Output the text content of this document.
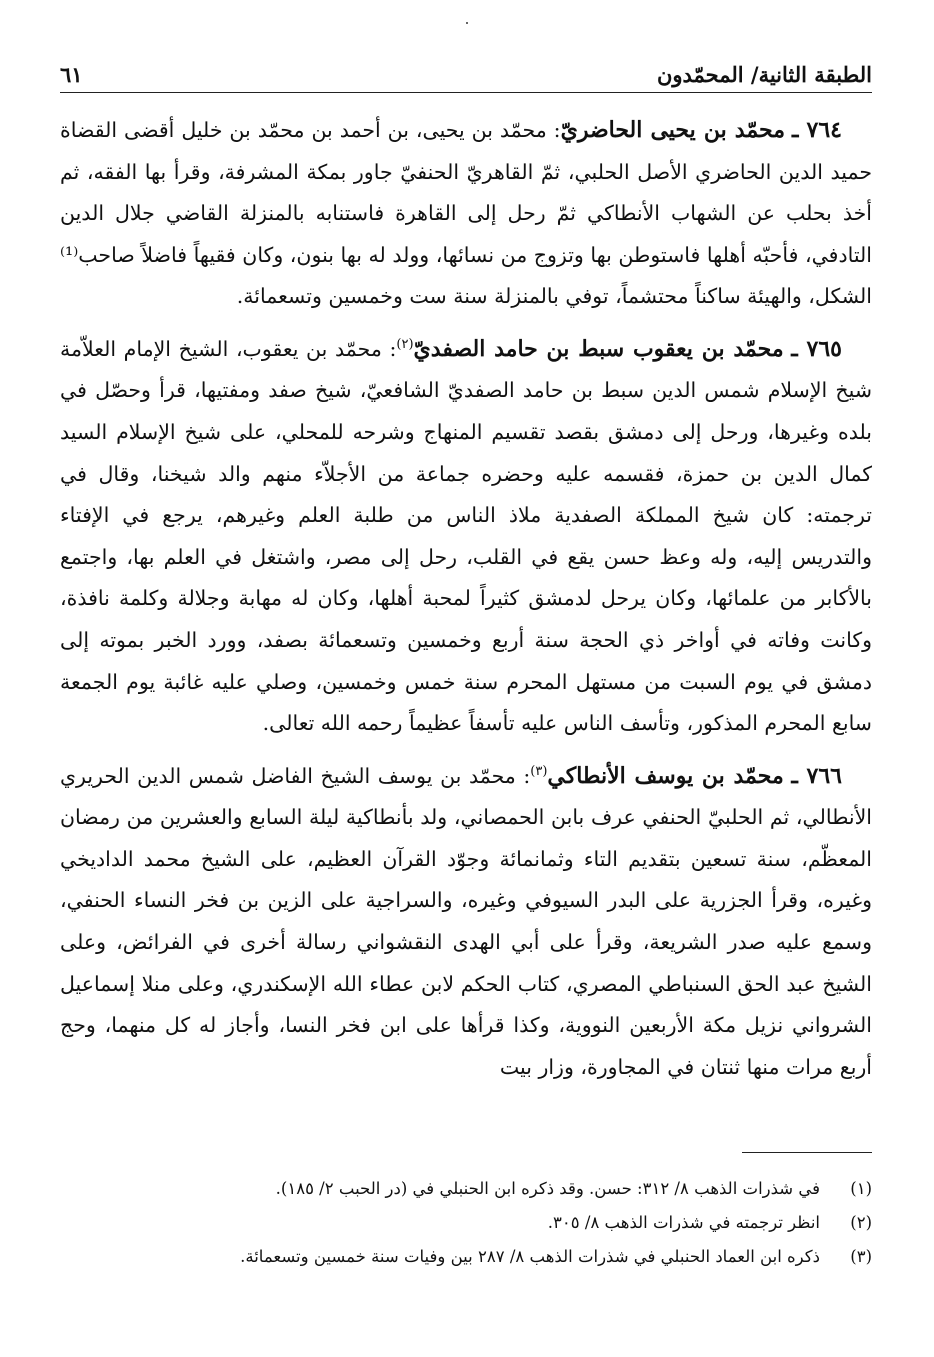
الطبقة الثانية/ المحمّدون
٦١

٧٦٤ ـ محمّد بن يحيى الحاضريّ: محمّد بن يحيى، بن أحمد بن محمّد بن خليل أقضى القضاة حميد الدين الحاضري الأصل الحلبي، ثمّ القاهريّ الحنفيّ جاور بمكة المشرفة، وقرأ بها الفقه، ثم أخذ بحلب عن الشهاب الأنطاكي ثمّ رحل إلى القاهرة فاستنابه بالمنزلة القاضي جلال الدين التادفي، فأحبّه أهلها فاستوطن بها وتزوج من نسائها، وولد له بها بنون، وكان فقيهاً فاضلاً صاحب⁽¹⁾ الشكل، والهيئة ساكناً محتشماً، توفي بالمنزلة سنة ست وخمسين وتسعمائة.

٧٦٥ ـ محمّد بن يعقوب سبط بن حامد الصفديّ$^{(٢)}$: محمّد بن يعقوب، الشيخ الإمام العلاّمة شيخ الإسلام شمس الدين سبط بن حامد الصفديّ الشافعيّ، شيخ صفد ومفتيها، قرأ وحصّل في بلده وغيرها، ورحل إلى دمشق بقصد تقسيم المنهاج وشرحه للمحلي، على شيخ الإسلام السيد كمال الدين بن حمزة، فقسمه عليه وحضره جماعة من الأجلاّء منهم والد شيخنا، وقال في ترجمته: كان شيخ المملكة الصفدية ملاذ الناس من طلبة العلم وغيرهم، يرجع في الإفتاء والتدريس إليه، وله وعظ حسن يقع في القلب، رحل إلى مصر، واشتغل في العلم بها، واجتمع بالأكابر من علمائها، وكان يرحل لدمشق كثيراً لمحبة أهلها، وكان له مهابة وجلالة وكلمة نافذة، وكانت وفاته في أواخر ذي الحجة سنة أربع وخمسين وتسعمائة بصفد، وورد الخبر بموته إلى دمشق في يوم السبت من مستهل المحرم سنة خمس وخمسين، وصلي عليه غائبة يوم الجمعة سابع المحرم المذكور، وتأسف الناس عليه تأسفاً عظيماً رحمه الله تعالى.

٧٦٦ ـ محمّد بن يوسف الأنطاكي$^{(٣)}$: محمّد بن يوسف الشيخ الفاضل شمس الدين الحريري الأنطالي، ثم الحلبيّ الحنفي عرف بابن الحمصاني، ولد بأنطاكية ليلة السابع والعشرين من رمضان المعظّم، سنة تسعين بتقديم التاء وثمانمائة وجوّد القرآن العظيم، على الشيخ محمد الداديخي وغيره، وقرأ الجزرية على البدر السيوفي وغيره، والسراجية على الزين بن فخر النساء الحنفي، وسمع عليه صدر الشريعة، وقرأ على أبي الهدى النقشواني رسالة أخرى في الفرائض، وعلى الشيخ عبد الحق السنباطي المصري، كتاب الحكم لابن عطاء الله الإسكندري، وعلى منلا إسماعيل الشرواني نزيل مكة الأربعين النووية، وكذا قرأها على ابن فخر النسا، وأجاز له كل منهما، وحج أربع مرات منها ثنتان في المجاورة، وزار بيت

(١)في شذرات الذهب ٨/ ٣١٢: حسن. وقد ذكره ابن الحنبلي في (در الحبب ٢/ ١٨٥).
(٢)انظر ترجمته في شذرات الذهب ٨/ ٣٠٥.
(٣)ذكره ابن العماد الحنبلي في شذرات الذهب ٨/ ٢٨٧ بين وفيات سنة خمسين وتسعمائة.
